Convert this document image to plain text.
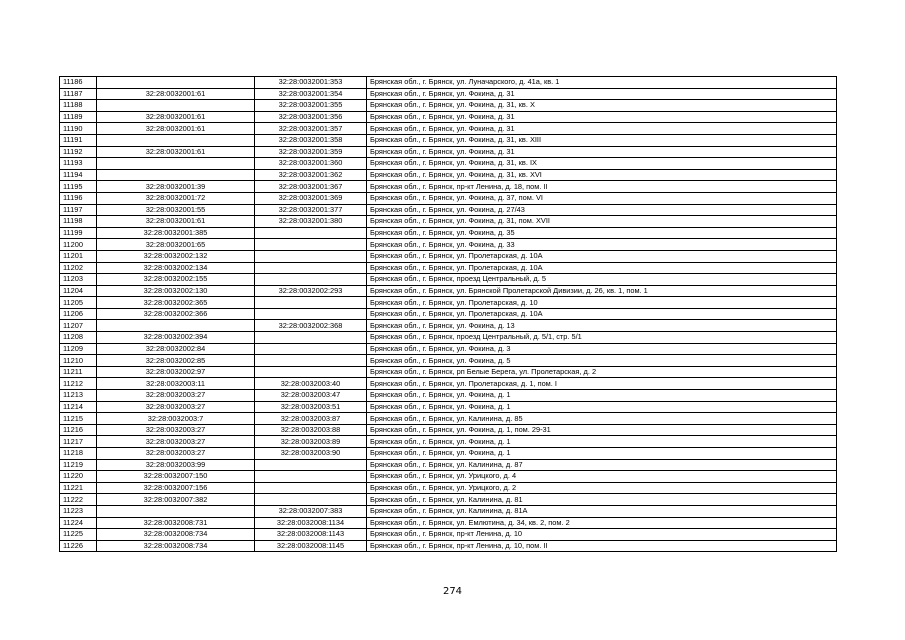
11186		32:28:0032001:353	Брянская обл., г. Брянск, ул. Луначарского, д. 41а, кв. 1
11187	32:28:0032001:61	32:28:0032001:354	Брянская обл., г. Брянск, ул. Фокина, д. 31
11188		32:28:0032001:355	Брянская обл., г. Брянск, ул. Фокина, д. 31, кв. X
11189	32:28:0032001:61	32:28:0032001:356	Брянская обл., г. Брянск, ул. Фокина, д. 31
11190	32:28:0032001:61	32:28:0032001:357	Брянская обл., г. Брянск, ул. Фокина, д. 31
11191		32:28:0032001:358	Брянская обл., г. Брянск, ул. Фокина, д. 31, кв. XIII
11192	32:28:0032001:61	32:28:0032001:359	Брянская обл., г. Брянск, ул. Фокина, д. 31
11193		32:28:0032001:360	Брянская обл., г. Брянск, ул. Фокина, д. 31, кв. IX
11194		32:28:0032001:362	Брянская обл., г. Брянск, ул. Фокина, д. 31, кв. XVI
11195	32:28:0032001:39	32:28:0032001:367	Брянская обл., г. Брянск, пр-кт Ленина, д. 18, пом. II
11196	32:28:0032001:72	32:28:0032001:369	Брянская обл., г. Брянск, ул. Фокина, д. 37, пом. VI
11197	32:28:0032001:55	32:28:0032001:377	Брянская обл., г. Брянск, ул. Фокина, д. 27/43
11198	32:28:0032001:61	32:28:0032001:380	Брянская обл., г. Брянск, ул. Фокина, д. 31, пом. XVII
11199	32:28:0032001:385		Брянская обл., г. Брянск, ул. Фокина, д. 35
11200	32:28:0032001:65		Брянская обл., г. Брянск, ул. Фокина, д. 33
11201	32:28:0032002:132		Брянская обл., г. Брянск, ул. Пролетарская, д. 10А
11202	32:28:0032002:134		Брянская обл., г. Брянск, ул. Пролетарская, д. 10А
11203	32:28:0032002:155		Брянская обл., г. Брянск, проезд Центральный, д. 5
11204	32:28:0032002:130	32:28:0032002:293	Брянская обл., г. Брянск, ул. Брянской Пролетарской Дивизии, д. 26, кв. 1, пом. 1
11205	32:28:0032002:365		Брянская обл., г. Брянск, ул. Пролетарская, д. 10
11206	32:28:0032002:366		Брянская обл., г. Брянск, ул. Пролетарская, д. 10А
11207		32:28:0032002:368	Брянская обл., г. Брянск, ул. Фокина, д. 13
11208	32:28:0032002:394		Брянская обл., г. Брянск, проезд Центральный, д. 5/1, стр. 5/1
11209	32:28:0032002:84		Брянская обл., г. Брянск, ул. Фокина, д. 3
11210	32:28:0032002:85		Брянская обл., г. Брянск, ул. Фокина, д. 5
11211	32:28:0032002:97		Брянская обл., г. Брянск, рп Белые Берега, ул. Пролетарская, д. 2
11212	32:28:0032003:11	32:28:0032003:40	Брянская обл., г. Брянск, ул. Пролетарская, д. 1, пом. I
11213	32:28:0032003:27	32:28:0032003:47	Брянская обл., г. Брянск, ул. Фокина, д. 1
11214	32:28:0032003:27	32:28:0032003:51	Брянская обл., г. Брянск, ул. Фокина, д. 1
11215	32:28:0032003:7	32:28:0032003:87	Брянская обл., г. Брянск, ул. Калинина, д. 85
11216	32:28:0032003:27	32:28:0032003:88	Брянская обл., г. Брянск, ул. Фокина, д. 1, пом. 29-31
11217	32:28:0032003:27	32:28:0032003:89	Брянская обл., г. Брянск, ул. Фокина, д. 1
11218	32:28:0032003:27	32:28:0032003:90	Брянская обл., г. Брянск, ул. Фокина, д. 1
11219	32:28:0032003:99		Брянская обл., г. Брянск, ул. Калинина, д. 87
11220	32:28:0032007:150		Брянская обл., г. Брянск, ул. Урицкого, д. 4
11221	32:28:0032007:156		Брянская обл., г. Брянск, ул. Урицкого, д. 2
11222	32:28:0032007:382		Брянская обл., г. Брянск, ул. Калинина, д. 81
11223		32:28:0032007:383	Брянская обл., г. Брянск, ул. Калинина, д. 81А
11224	32:28:0032008:731	32:28:0032008:1134	Брянская обл., г. Брянск, ул. Емлютина, д. 34, кв. 2, пом. 2
11225	32:28:0032008:734	32:28:0032008:1143	Брянская обл., г. Брянск, пр-кт Ленина, д. 10
11226	32:28:0032008:734	32:28:0032008:1145	Брянская обл., г. Брянск, пр-кт Ленина, д. 10, пом. II
274
